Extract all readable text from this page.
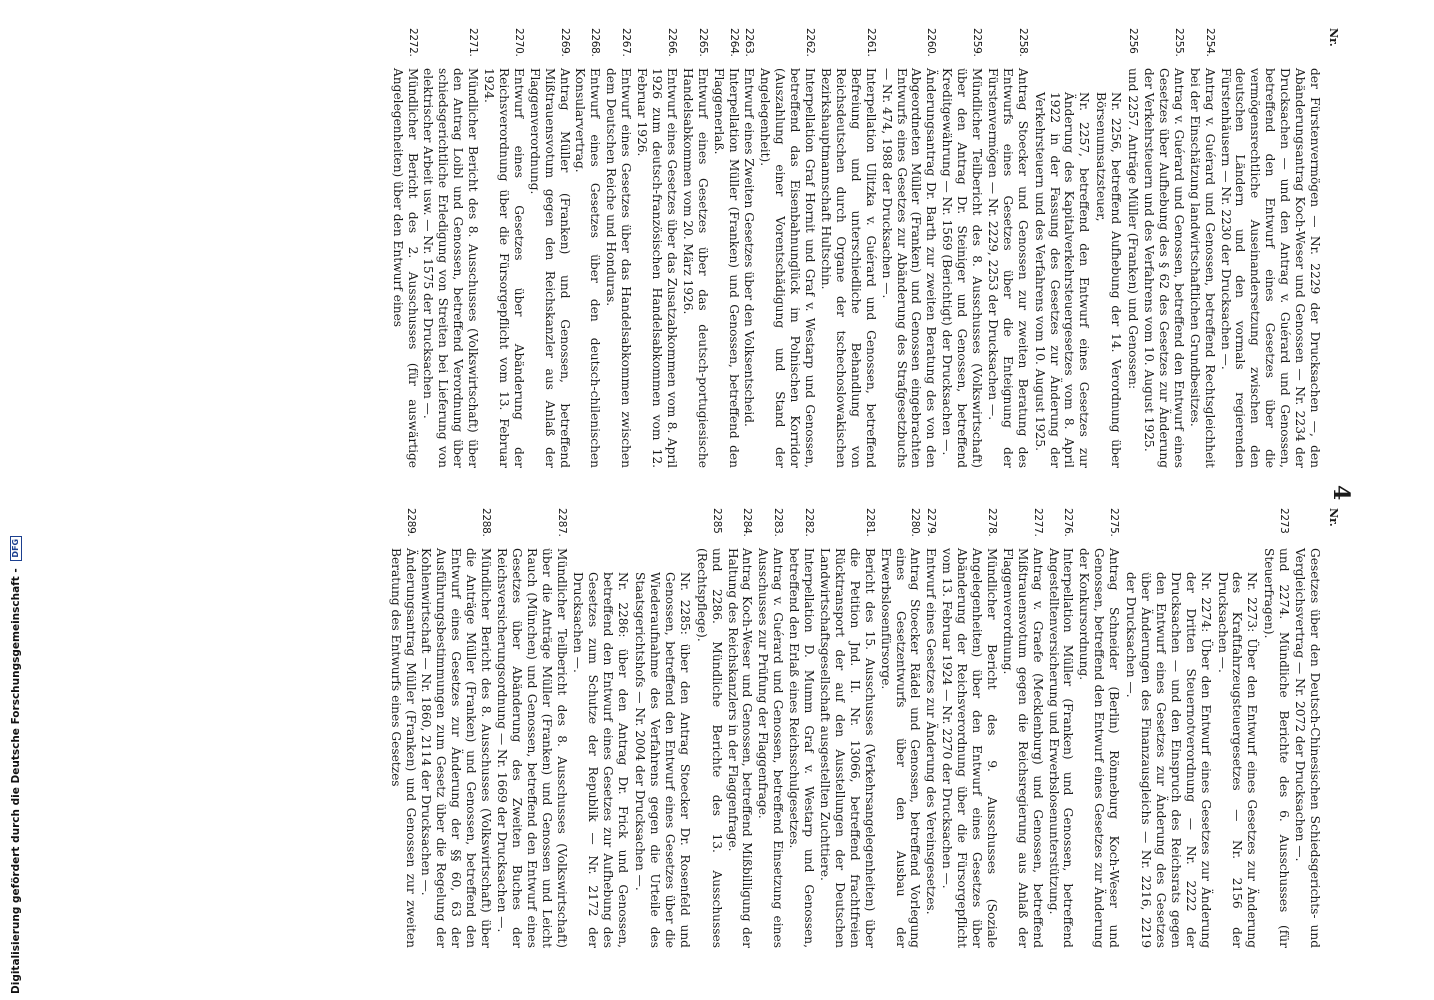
4
Nr.
der Fürstenvermögen — Nr. 2229 der Drucksachen —, den Abänderungsantrag Koch-Weser und Genossen — Nr. 2234 der Drucksachen — und den Antrag v. Guérard und Genossen, betreffend den Entwurf eines Gesetzes über die vermögensrechtliche Auseinandersetzung zwischen den deutschen Ländern und den vormals regierenden Fürstenhäusern — Nr. 2230 der Drucksachen —.
2254.
Antrag v. Guérard und Genossen, betreffend Rechtsgleichheit bei der Einschätzung landwirtschaftlichen Grundbesitzes.
2255.
Antrag v. Guérard und Genossen, betreffend den Entwurf eines Gesetzes über Aufhebung des § 62 des Gesetzes zur Änderung der Verkehrsteuern und des Verfahrens vom 10. August 1925.
2256
und 2257. Anträge Müller (Franken) und Genossen:
Nr. 2256, betreffend Aufhebung der 14. Verordnung über Börsenumsatzsteuer,
Nr. 2257, betreffend den Entwurf eines Gesetzes zur Änderung des Kapitalverkehrsteuergesetzes vom 8. April 1922 in der Fassung des Gesetzes zur Änderung der Verkehrsteuern und des Verfahrens vom 10. August 1925.
2258.
Antrag Stoecker und Genossen zur zweiten Beratung des Entwurfs eines Gesetzes über die Enteignung der Fürstenvermögen — Nr. 2229, 2253 der Drucksachen —.
2259.
Mündlicher Teilbericht des 8. Ausschusses (Volkswirtschaft) über den Antrag Dr. Steiniger und Genossen, betreffend Kreditgewährung — Nr. 1569 (Berichtigt) der Drucksachen —.
2260.
Änderungsantrag Dr. Barth zur zweiten Beratung des von den Abgeordneten Müller (Franken) und Genossen eingebrachten Entwurfs eines Gesetzes zur Abänderung des Strafgesetzbuchs — Nr. 474, 1988 der Drucksachen —.
2261.
Interpellation Ulitzka v. Guérard und Genossen, betreffend Befreiung und unterschiedliche Behandlung von Reichsdeutschen durch Organe der tschechoslowakischen Bezirkshauptmannschaft Hultschin.
2262.
Interpellation Graf Hornit und Graf v. Westarp und Genossen, betreffend das Eisenbahnunglück im Polnischen Korridor (Auszahlung einer Vorentschädigung und Stand der Angelegenheit).
2263.
Entwurf eines Zweiten Gesetzes über den Volksentscheid.
2264.
Interpellation Müller (Franken) und Genossen, betreffend den Flaggenerlaß.
2265.
Entwurf eines Gesetzes über das deutsch-portugiesische Handelsabkommen vom 20. März 1926.
2266.
Entwurf eines Gesetzes über das Zusatzabkommen vom 8. April 1926 zum deutsch-französischen Handelsabkommen vom 12. Februar 1926.
2267.
Entwurf eines Gesetzes über das Handelsabkommen zwischen dem Deutschen Reiche und Honduras.
2268.
Entwurf eines Gesetzes über den deutsch-chilenischen Konsularvertrag.
2269.
Antrag Müller (Franken) und Genossen, betreffend Mißtrauensvotum gegen den Reichskanzler aus Anlaß der Flaggenverordnung.
2270.
Entwurf eines Gesetzes über Abänderung der Reichsverordnung über die Fürsorgepflicht vom 13. Februar 1924.
2271.
Mündlicher Bericht des 8. Ausschusses (Volkswirtschaft) über den Antrag Loibl und Genossen, betreffend Verordnung über schiedsgerichtliche Erledigung von Streiten bei Lieferung von elektrischer Arbeit usw. — Nr. 1575 der Drucksachen —.
2272.
Mündlicher Bericht des 2. Ausschusses (für auswärtige Angelegenheiten) über den Entwurf eines
Nr.
Gesetzes über den Deutsch-Chinesischen Schiedsgerichts- und Vergleichsvertrag — Nr. 2072 der Drucksachen —.
2273
und 2274. Mündliche Berichte des 6. Ausschusses (für Steuerfragen).
Nr. 2273: Über den Entwurf eines Gesetzes zur Änderung des Kraftfahrzeugsteuergesetzes — Nr. 2156 der Drucksachen —.
Nr. 2274: Über den Entwurf eines Gesetzes zur Änderung der Dritten Steuernotverordnung — Nr. 2222 der Drucksachen — und den Einspruch des Reichsrats gegen den Entwurf eines Gesetzes zur Änderung des Gesetzes über Änderungen des Finanzausgleichs — Nr. 2216, 2219 der Drucksachen —.
2275.
Antrag Schneider (Berlin) Rönneburg Koch-Weser und Genossen, betreffend den Entwurf eines Gesetzes zur Änderung der Konkursordnung.
2276.
Interpellation Müller (Franken) und Genossen, betreffend Angestelltenversicherung und Erwerbslosenunterstützung.
2277.
Antrag v. Graefe (Mecklenburg) und Genossen, betreffend Mißtrauensvotum gegen die Reichsregierung aus Anlaß der Flaggenverordnung.
2278.
Mündlicher Bericht des 9. Ausschusses (Soziale Angelegenheiten) über den Entwurf eines Gesetzes über Abänderung der Reichsverordnung über die Fürsorgepflicht vom 13. Februar 1924 — Nr. 2270 der Drucksachen —.
2279.
Entwurf eines Gesetzes zur Änderung des Vereinsgesetzes.
2280.
Antrag Stoecker Rädel und Genossen, betreffend Vorlegung eines Gesetzentwurfs über den Ausbau der Erwerbslosenfürsorge.
2281.
Bericht des 15. Ausschusses (Verkehrsangelegenheiten) über die Petition Jnd. II. Nr. 13066, betreffend frachtfreien Rücktransport der auf den Ausstellungen der Deutschen Landwirtschaftsgesellschaft ausgestellten Zuchttiere.
2282.
Interpellation D. Mumm Graf v. Westarp und Genossen, betreffend den Erlaß eines Reichsschulgesetzes.
2283.
Antrag v. Guérard und Genossen, betreffend Einsetzung eines Ausschusses zur Prüfung der Flaggenfrage.
2284.
Antrag Koch-Weser und Genossen, betreffend Mißbilligung der Haltung des Reichskanzlers in der Flaggenfrage.
2285
und 2286. Mündliche Berichte des 13. Ausschusses (Rechtspflege).
Nr. 2285: über den Antrag Stoecker Dr. Rosenfeld und Genossen, betreffend den Entwurf eines Gesetzes über die Wiederaufnahme des Verfahrens gegen die Urteile des Staatsgerichtshofs — Nr. 2004 der Drucksachen —.
Nr. 2286: über den Antrag Dr. Frick und Genossen, betreffend den Entwurf eines Gesetzes zur Aufhebung des Gesetzes zum Schutze der Republik — Nr. 2172 der Drucksachen —.
2287.
Mündlicher Teilbericht des 8. Ausschusses (Volkswirtschaft) über die Anträge Müller (Franken) und Genossen und Leicht Rauch (München) und Genossen, betreffend den Entwurf eines Gesetzes über Abänderung des Zweiten Buches der Reichsversicherungsordnung — Nr. 1669 der Drucksachen —.
2288.
Mündlicher Bericht des 8. Ausschusses (Volkswirtschaft) über die Anträge Müller (Franken) und Genossen, betreffend den Entwurf eines Gesetzes zur Änderung der §§ 60, 63 der Ausführungsbestimmungen zum Gesetz über die Regelung der Kohlenwirtschaft — Nr. 1860, 2114 der Drucksachen —.
2289.
Änderungsantrag Müller (Franken) und Genossen zur zweiten Beratung des Entwurfs eines Gesetzes
Digitalisierung gefördert durch die Deutsche Forschungsgemeinschaft - DFG
